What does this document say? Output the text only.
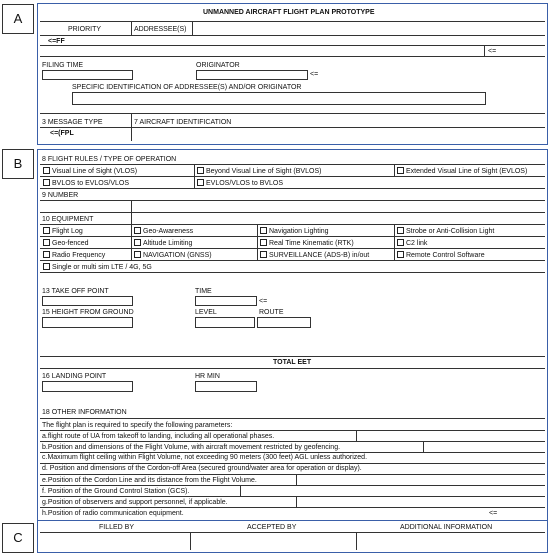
A
B
C
UNMANNED AIRCRAFT FLIGHT PLAN PROTOTYPE
PRIORITY	ADDRESSEE(S)
<=FF
<=
FILING TIME	ORIGINATOR
<=
SPECIFIC IDENTIFICATION OF ADDRESSEE(S) AND/OR ORIGINATOR
3 MESSAGE TYPE	7 AIRCRAFT IDENTIFICATION
<=(FPL
8 FLIGHT RULES / TYPE OF OPERATION
Visual Line of Sight (VLOS)	Beyond Visual Line of Sight (BVLOS)	Extended Visual Line of Sight (EVLOS)
BVLOS to EVLOS/VLOS	EVLOS/VLOS to BVLOS
9 NUMBER
10 EQUIPMENT
Flight Log	Geo-Awareness	Navigation Lighting	Strobe or Anti-Collision Light
Geo-fenced	Altitude Limiting	Real Time Kinematic (RTK)	C2 link
Radio Frequency	NAVIGATION (GNSS)	SURVEILLANCE (ADS-B) in/out	Remote Control Software
Single or multi sim LTE / 4G, 5G
13 TAKE OFF POINT	TIME
<=
15 HEIGHT FROM GROUND	LEVEL	ROUTE
TOTAL EET
16 LANDING POINT	HR MIN
18 OTHER INFORMATION
The flight plan is required to specify the following parameters:
a.flight route of UA from takeoff to landing, including all operational phases.
b.Position and dimensions of the Flight Volume, with aircraft movement restricted by geofencing.
c.Maximum flight ceiling within Flight Volume, not exceeding 90 meters (300 feet) AGL unless authorized.
d. Position and dimensions of the Cordon-off Area (secured ground/water area for operation or display).
e.Position of the Cordon Line and its distance from the Flight Volume.
f. Position of the Ground Control Station (GCS).
g.Position of observers and support personnel, if applicable.
h.Position of radio communication equipment.	<=
FILLED BY	ACCEPTED BY	ADDITIONAL INFORMATION
